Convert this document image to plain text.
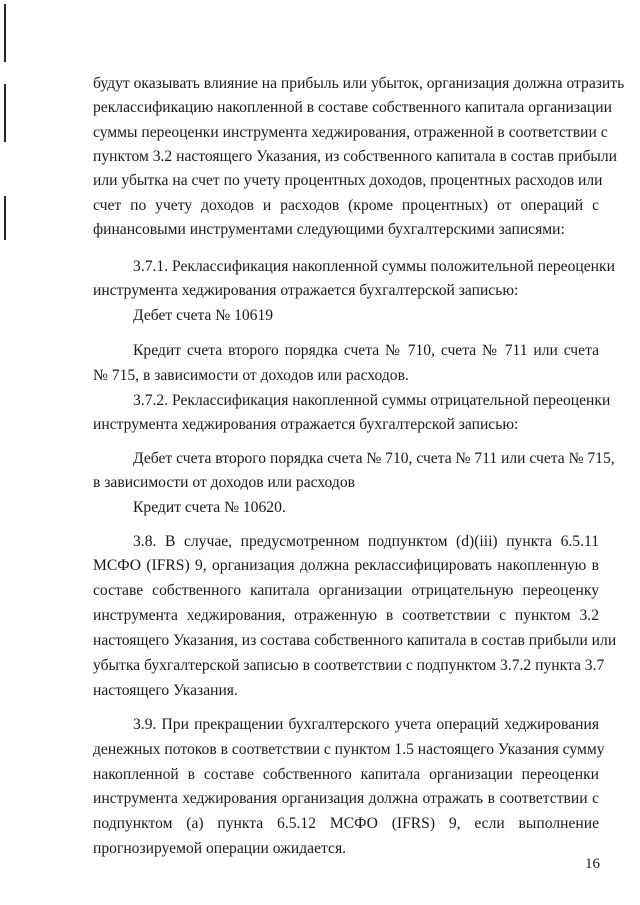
будут оказывать влияние на прибыль или убыток, организация должна отразить
реклассификацию накопленной в составе собственного капитала организации
суммы переоценки инструмента хеджирования, отраженной в соответствии с
пунктом 3.2 настоящего Указания, из собственного капитала в состав прибыли
или убытка на счет по учету процентных доходов, процентных расходов или
счет по учету доходов и расходов (кроме процентных) от операций с
финансовыми инструментами следующими бухгалтерскими записями:
3.7.1. Реклассификация накопленной суммы положительной переоценки
инструмента хеджирования отражается бухгалтерской записью:
Дебет счета № 10619
Кредит счета второго порядка счета № 710, счета № 711 или счета
№ 715, в зависимости от доходов или расходов.
3.7.2. Реклассификация накопленной суммы отрицательной переоценки
инструмента хеджирования отражается бухгалтерской записью:
Дебет счета второго порядка счета № 710, счета № 711 или счета № 715,
в зависимости от доходов или расходов
Кредит счета № 10620.
3.8. В случае, предусмотренном подпунктом (d)(iii) пункта 6.5.11
МСФО (IFRS) 9, организация должна реклассифицировать накопленную в
составе собственного капитала организации отрицательную переоценку
инструмента хеджирования, отраженную в соответствии с пунктом 3.2
настоящего Указания, из состава собственного капитала в состав прибыли или
убытка бухгалтерской записью в соответствии с подпунктом 3.7.2 пункта 3.7
настоящего Указания.
3.9. При прекращении бухгалтерского учета операций хеджирования
денежных потоков в соответствии с пунктом 1.5 настоящего Указания сумму
накопленной в составе собственного капитала организации переоценки
инструмента хеджирования организация должна отражать в соответствии с
подпунктом (a) пункта 6.5.12 МСФО (IFRS) 9, если выполнение
прогнозируемой операции ожидается.
16
